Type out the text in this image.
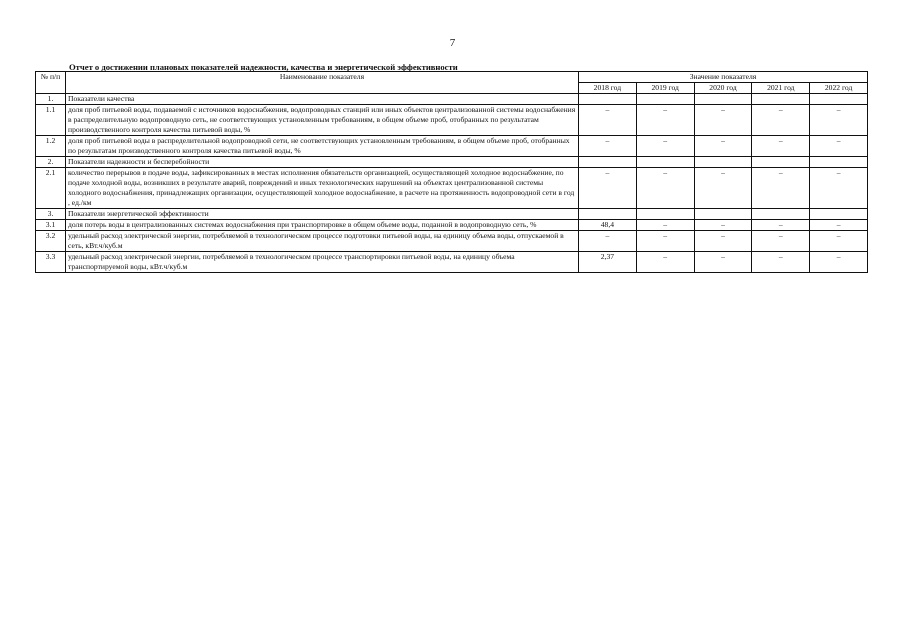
7
Отчет о достижении плановых показателей надежности, качества и энергетической эффективности
№ п/п	Наименование показателя	Значение показателя				
		2018 год	2019 год	2020 год	2021 год	2022 год
1.	Показатели качества					
1.1	доля проб питьевой воды, подаваемой с источников водоснабжения, водопроводных станций или иных объектов централизованной системы водоснабжения в распределительную водопроводную сеть, не соответствующих установленным требованиям, в общем объеме проб, отобранных по результатам производственного контроля качества питьевой воды, %	–	–	–	–	–
1.2	доля проб питьевой воды в распределительной водопроводной сети, не соответствующих установленным требованиям, в общем объеме проб, отобранных по результатам производственного контроля качества питьевой воды, %	–	–	–	–	–
2.	Показатели надежности и бесперебойности					
2.1	количество перерывов в подаче воды, зафиксированных в местах исполнения обязательств организацией, осуществляющей холодное водоснабжение, по подаче холодной воды, возникших в результате аварий, повреждений и иных технологических нарушений на объектах централизованной системы холодного водоснабжения, принадлежащих организации, осуществляющей холодное водоснабжение, в расчете на протяженность водопроводной сети в год , ед./км	–	–	–	–	–
3.	Показатели энергетической эффективности					
3.1	доля потерь воды в централизованных системах водоснабжения при транспортировке в общем объеме воды, поданной в водопроводную сеть, %	48,4	–	–	–	–
3.2	удельный расход электрической энергии, потребляемой в технологическом процессе подготовки питьевой воды, на единицу объема воды, отпускаемой в сеть, кВт.ч/куб.м	–	–	–	–	–
3.3	удельный расход электрической энергии, потребляемой в технологическом процессе транспортировки питьевой воды, на единицу объема транспортируемой воды, кВт.ч/куб.м	2,37	–	–	–	–
